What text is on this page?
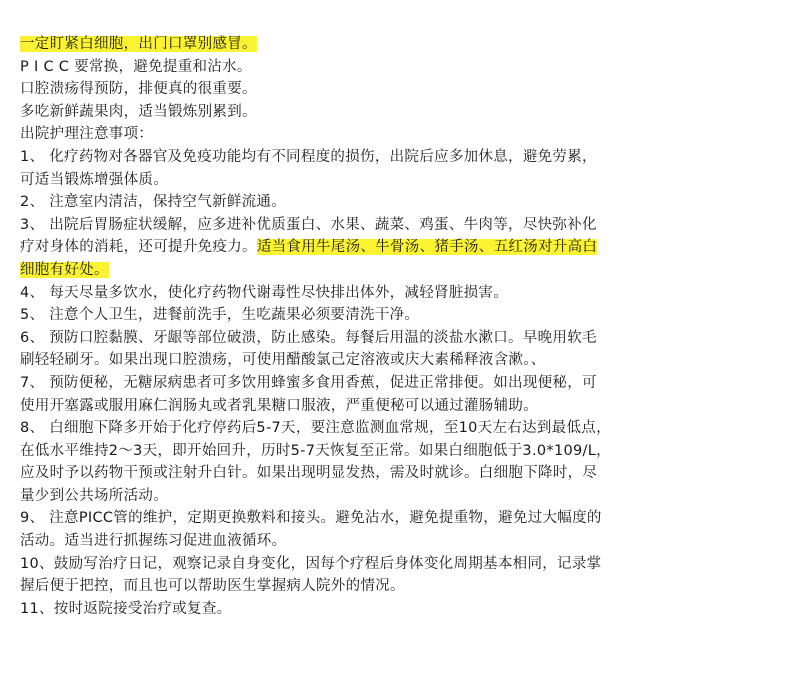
一定盯紧白细胞，出门口罩别感冒。
P I C C 要常换，避免提重和沾水。
口腔溃疡得预防，排便真的很重要。
多吃新鲜蔬果肉，适当锻炼别累到。
出院护理注意事项：
1、 化疗药物对各器官及免疫功能均有不同程度的损伤，出院后应多加休息，避免劳累，
可适当锻炼增强体质。
2、 注意室内清洁，保持空气新鲜流通。
3、 出院后胃肠症状缓解，应多进补优质蛋白、水果、蔬菜、鸡蛋、牛肉等，尽快弥补化
疗对身体的消耗，还可提升免疫力。适当食用牛尾汤、牛骨汤、猪手汤、五红汤对升高白
细胞有好处。
4、 每天尽量多饮水，使化疗药物代谢毒性尽快排出体外，减轻肾脏损害。
5、 注意个人卫生，进餐前洗手，生吃蔬果必须要清洗干净。
6、 预防口腔黏膜、牙龈等部位破溃，防止感染。每餐后用温的淡盐水漱口。早晚用软毛
刷轻轻刷牙。如果出现口腔溃疡，可使用醋酸氯己定溶液或庆大素稀释液含漱。、
7、 预防便秘，无糖尿病患者可多饮用蜂蜜多食用香蕉，促进正常排便。如出现便秘，可
使用开塞露或服用麻仁润肠丸或者乳果糖口服液，严重便秘可以通过灌肠辅助。
8、 白细胞下降多开始于化疗停药后5-7天，要注意监测血常规，至10天左右达到最低点，
在低水平维持2～3天，即开始回升，历时5-7天恢复至正常。如果白细胞低于3.0*109/L，
应及时予以药物干预或注射升白针。如果出现明显发热，需及时就诊。白细胞下降时，尽
量少到公共场所活动。
9、 注意PICC管的维护，定期更换敷料和接头。避免沾水，避免提重物，避免过大幅度的
活动。适当进行抓握练习促进血液循环。
10、鼓励写治疗日记，观察记录自身变化，因每个疗程后身体变化周期基本相同，记录掌
握后便于把控，而且也可以帮助医生掌握病人院外的情况。
11、按时返院接受治疗或复查。
